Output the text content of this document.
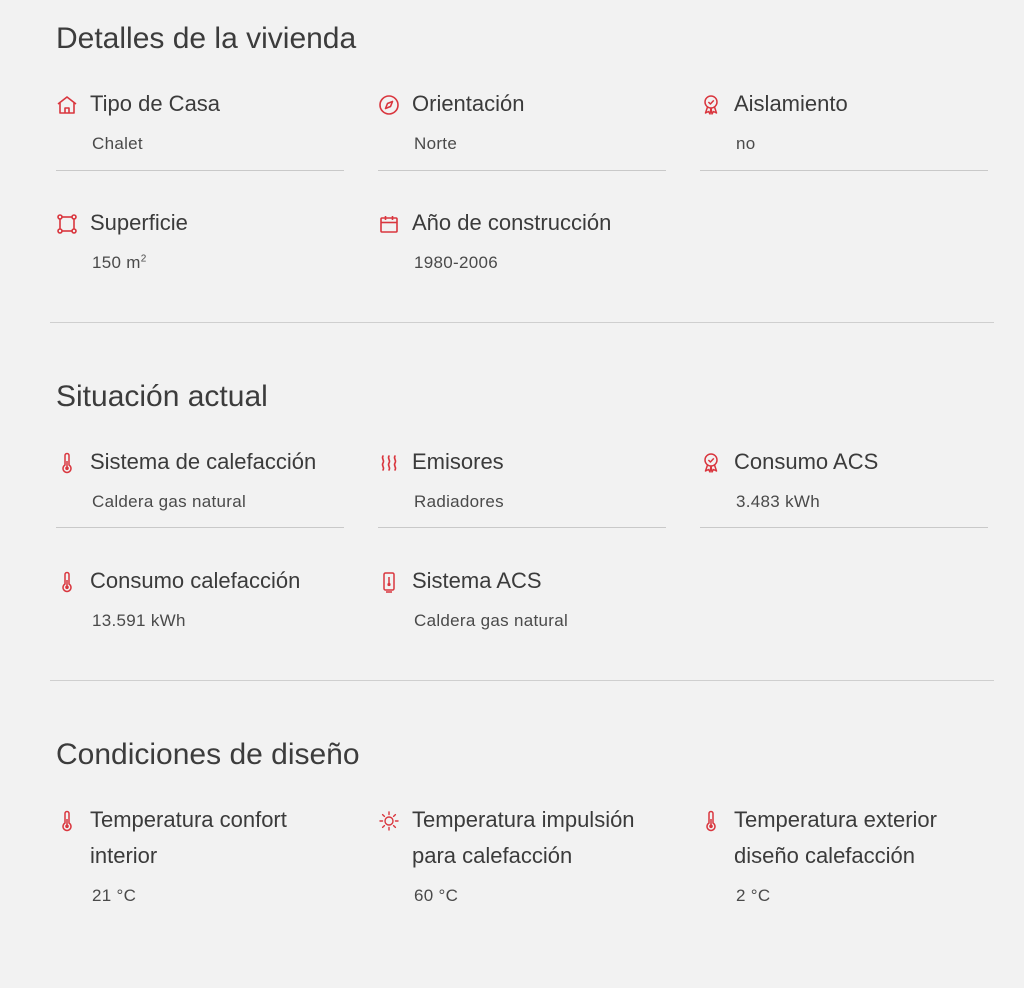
Detalles de la vivienda
Tipo de Casa
Chalet
Orientación
Norte
Aislamiento
no
Superficie
150 $m^2$
Año de construcción
1980-2006
Situación actual
Sistema de calefacción
Caldera gas natural
Emisores
Radiadores
Consumo ACS
3.483 kWh
Consumo calefacción
13.591 kWh
Sistema ACS
Caldera gas natural
Condiciones de diseño
Temperatura confort interior
21 °C
Temperatura impulsión para calefacción
60 °C
Temperatura exterior diseño calefacción
2 °C
